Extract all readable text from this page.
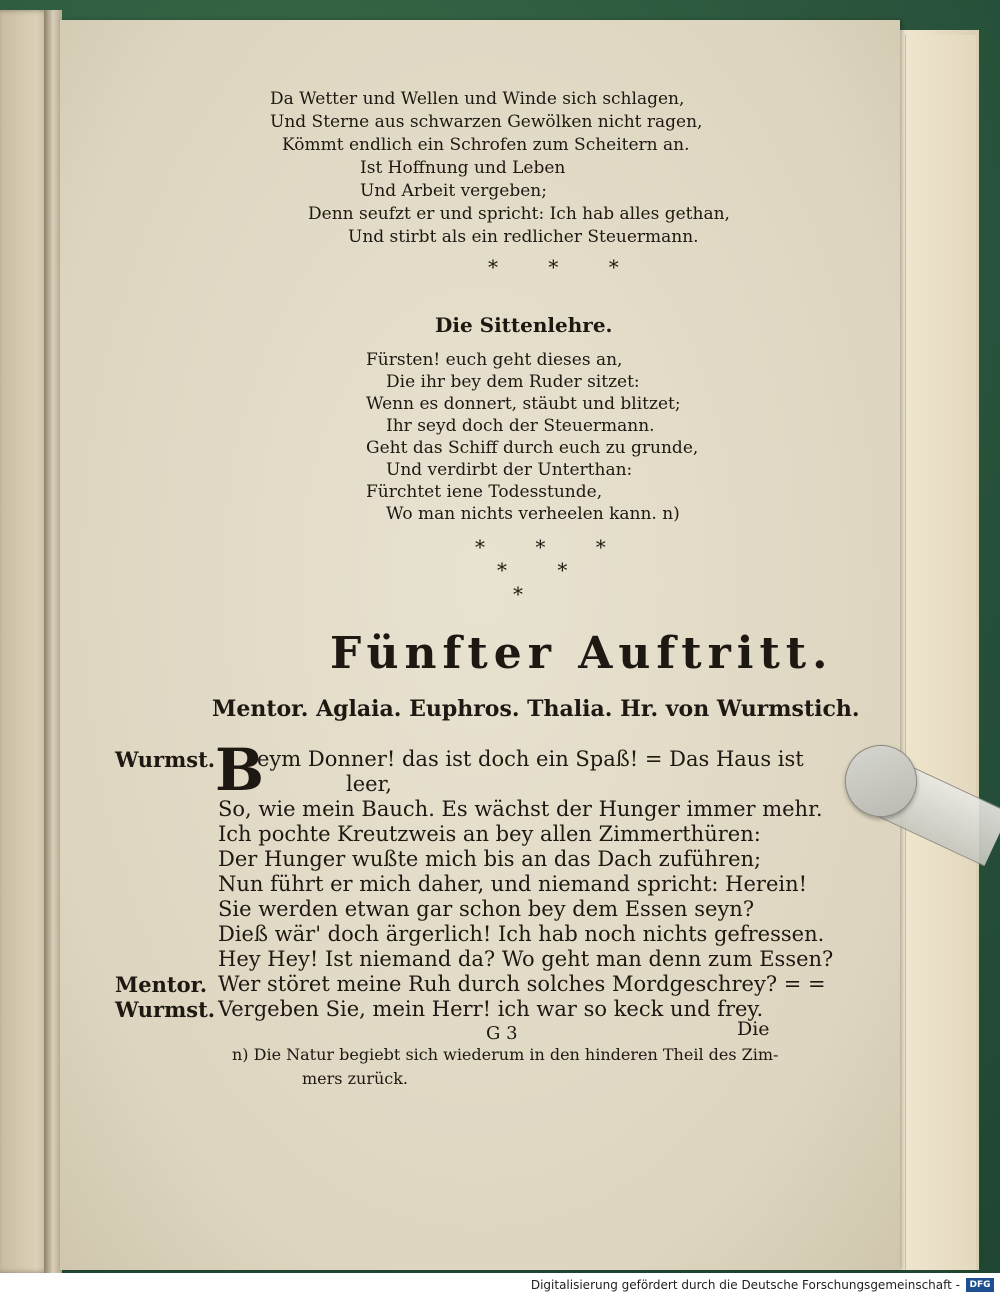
Da Wetter und Wellen und Winde sich schlagen,
Und Sterne aus schwarzen Gewölken nicht ragen,
Kömmt endlich ein Schrofen zum Scheitern an.
Ist Hoffnung und Leben
Und Arbeit vergeben;
Denn seufzt er und spricht: Ich hab alles gethan,
Und stirbt als ein redlicher Steuermann.
* * *
Die Sittenlehre.
Fürsten! euch geht dieses an,
Die ihr bey dem Ruder sitzet:
Wenn es donnert, stäubt und blitzet;
Ihr seyd doch der Steuermann.
Geht das Schiff durch euch zu grunde,
Und verdirbt der Unterthan:
Fürchtet iene Todesstunde,
Wo man nichts verheelen kann. n)
* * *
* *
*
Fünfter Auftritt.
Mentor. Aglaia. Euphros. Thalia. Hr. von Wurmstich.
Wurmst. B
eym Donner! das ist doch ein Spaß! = Das Haus ist
leer,
So, wie mein Bauch. Es wächst der Hunger immer mehr.
Ich pochte Kreutzweis an bey allen Zimmerthüren:
Der Hunger wußte mich bis an das Dach zuführen;
Nun führt er mich daher, und niemand spricht: Herein!
Sie werden etwan gar schon bey dem Essen seyn?
Dieß wär' doch ärgerlich! Ich hab noch nichts gefressen.
Hey Hey! Ist niemand da? Wo geht man denn zum Essen?
Mentor. Wer störet meine Ruh durch solches Mordgeschrey? = =
Wurmst. Vergeben Sie, mein Herr! ich war so keck und frey.
G 3	Die
n) Die Natur begiebt sich wiederum in den hinderen Theil des Zim-
mers zurück.
Digitalisierung gefördert durch die Deutsche Forschungsgemeinschaft -	DFG
